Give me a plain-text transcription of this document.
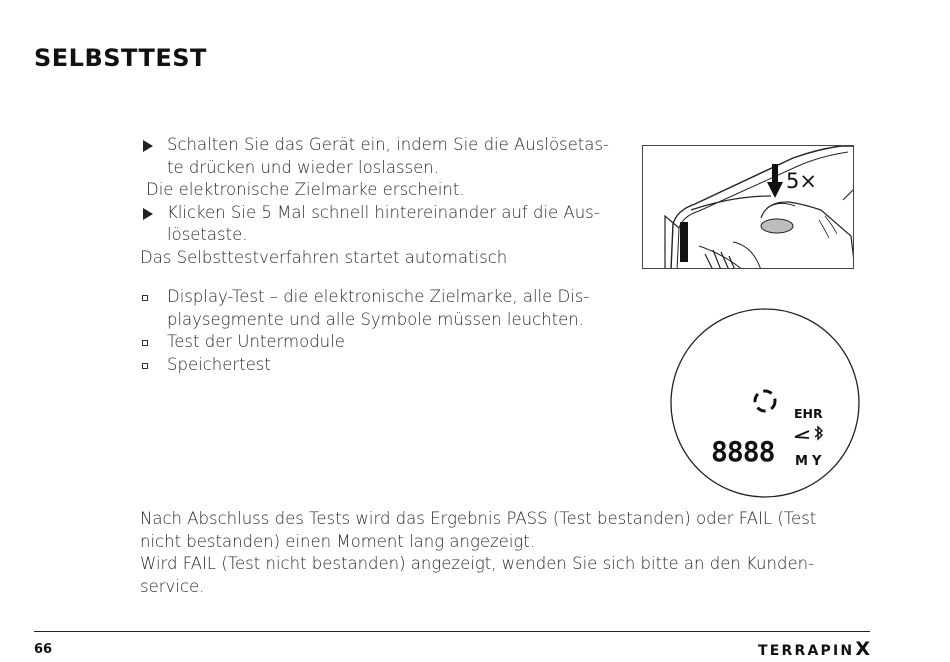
SELBSTTEST
Schalten Sie das Gerät ein, indem Sie die Auslösetas-
te drücken und wieder loslassen.
Die elektronische Zielmarke erscheint.
Klicken Sie 5 Mal schnell hintereinander auf die Aus-
lösetaste.
Das Selbsttestverfahren startet automatisch
Display-Test – die elektronische Zielmarke, alle Dis-
playsegmente und alle Symbole müssen leuchten.
Test der Untermodule
Speichertest
5×
EHR
8888 M Y
Nach Abschluss des Tests wird das Ergebnis PASS (Test bestanden) oder FAIL (Test
nicht bestanden) einen Moment lang angezeigt.
Wird FAIL (Test nicht bestanden) angezeigt, wenden Sie sich bitte an den Kunden-
service.
66	TERRAPINX
